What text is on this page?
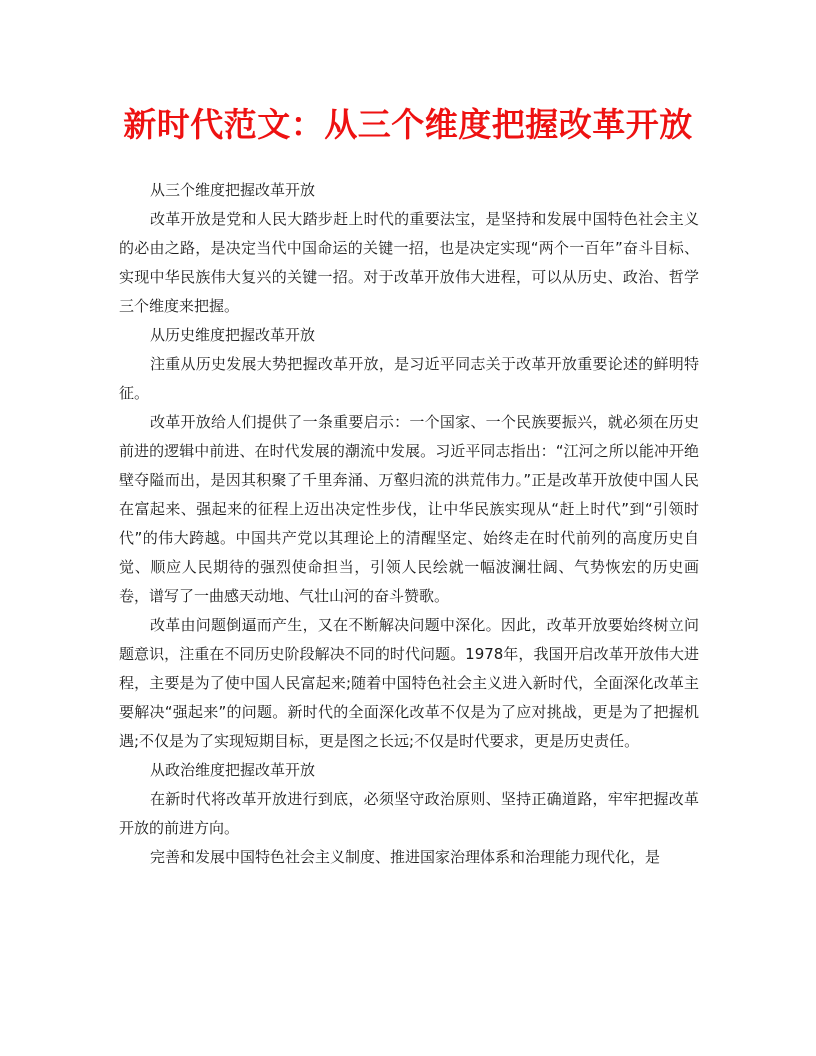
新时代范文：从三个维度把握改革开放

从三个维度把握改革开放

改革开放是党和人民大踏步赶上时代的重要法宝，是坚持和发展中国特色社会主义的必由之路，是决定当代中国命运的关键一招，也是决定实现“两个一百年”奋斗目标、实现中华民族伟大复兴的关键一招。对于改革开放伟大进程，可以从历史、政治、哲学三个维度来把握。

从历史维度把握改革开放

注重从历史发展大势把握改革开放，是习近平同志关于改革开放重要论述的鲜明特征。

改革开放给人们提供了一条重要启示：一个国家、一个民族要振兴，就必须在历史前进的逻辑中前进、在时代发展的潮流中发展。习近平同志指出：“江河之所以能冲开绝壁夺隘而出，是因其积聚了千里奔涌、万壑归流的洪荒伟力。”正是改革开放使中国人民在富起来、强起来的征程上迈出决定性步伐，让中华民族实现从“赶上时代”到“引领时代”的伟大跨越。中国共产党以其理论上的清醒坚定、始终走在时代前列的高度历史自觉、顺应人民期待的强烈使命担当，引领人民绘就一幅波澜壮阔、气势恢宏的历史画卷，谱写了一曲感天动地、气壮山河的奋斗赞歌。

改革由问题倒逼而产生，又在不断解决问题中深化。因此，改革开放要始终树立问题意识，注重在不同历史阶段解决不同的时代问题。1978年，我国开启改革开放伟大进程，主要是为了使中国人民富起来;随着中国特色社会主义进入新时代，全面深化改革主要解决“强起来”的问题。新时代的全面深化改革不仅是为了应对挑战，更是为了把握机遇;不仅是为了实现短期目标，更是图之长远;不仅是时代要求，更是历史责任。

从政治维度把握改革开放

在新时代将改革开放进行到底，必须坚守政治原则、坚持正确道路，牢牢把握改革开放的前进方向。

完善和发展中国特色社会主义制度、推进国家治理体系和治理能力现代化，是
